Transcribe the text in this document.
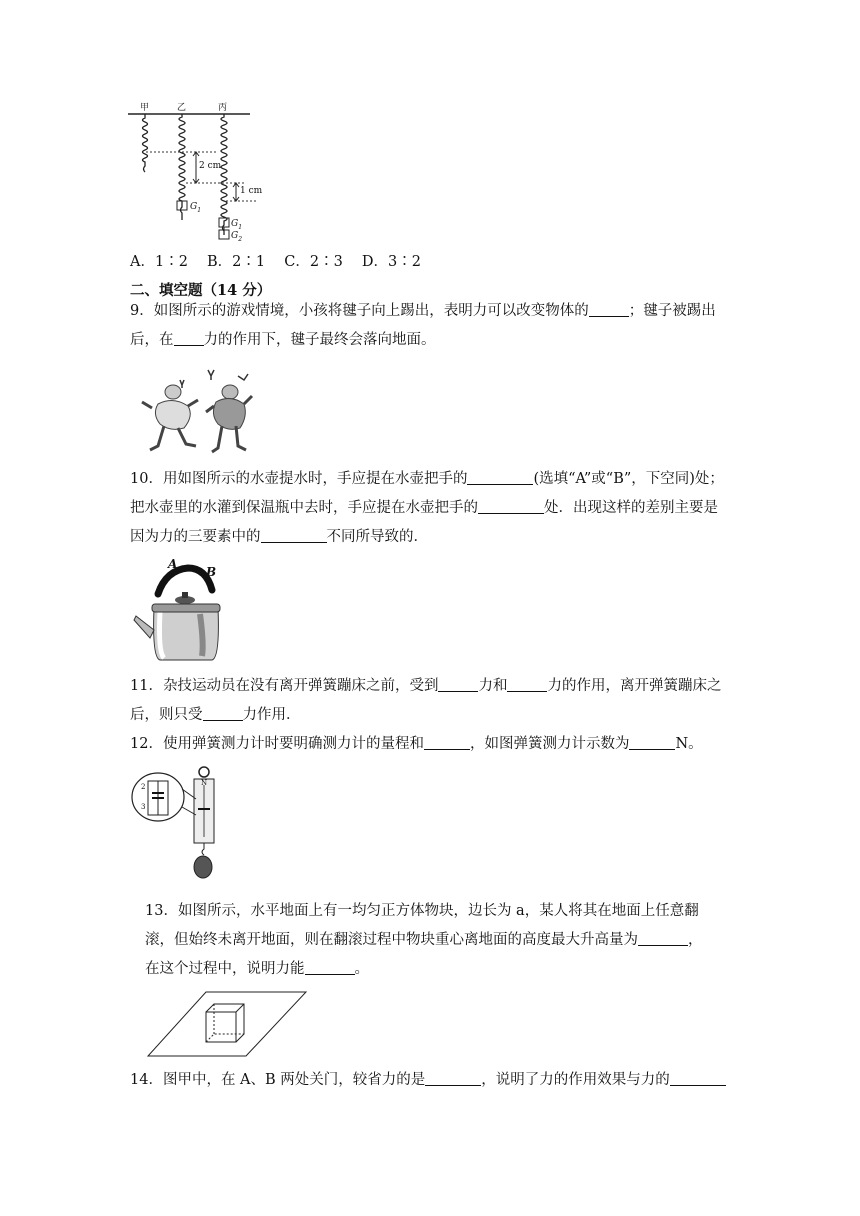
甲	乙	丙
2 cm
1 cm
$G_1$
$G_1$
$G_2$
A．1∶2　 B．2∶1　 C．2∶3　 D．3∶2
二、填空题（14 分）
9．如图所示的游戏情境，小孩将毽子向上踢出，表明力可以改变物体的	；毽子被踢出
后，在 力的作用下，毽子最终会落向地面。
10．用如图所示的水壶提水时，手应提在水壶把手的	(选填“A”或“B”，下空同)处；
把水壶里的水灌到保温瓶中去时，手应提在水壶把手的	处．出现这样的差别主要是
因为力的三要素中的	不同所导致的．
A
B
11．杂技运动员在没有离开弹簧蹦床之前，受到	力和	力的作用，离开弹簧蹦床之
后，则只受	力作用．
12．使用弹簧测力计时要明确测力计的量程和	，如图弹簧测力计示数为	N。
N
2
3
13．如图所示，水平地面上有一均匀正方体物块，边长为 a，某人将其在地面上任意翻
滚，但始终未离开地面，则在翻滚过程中物块重心离地面的高度最大升高量为	，
在这个过程中，说明力能	。
14．图甲中，在 A、B 两处关门，较省力的是	，说明了力的作用效果与力的
